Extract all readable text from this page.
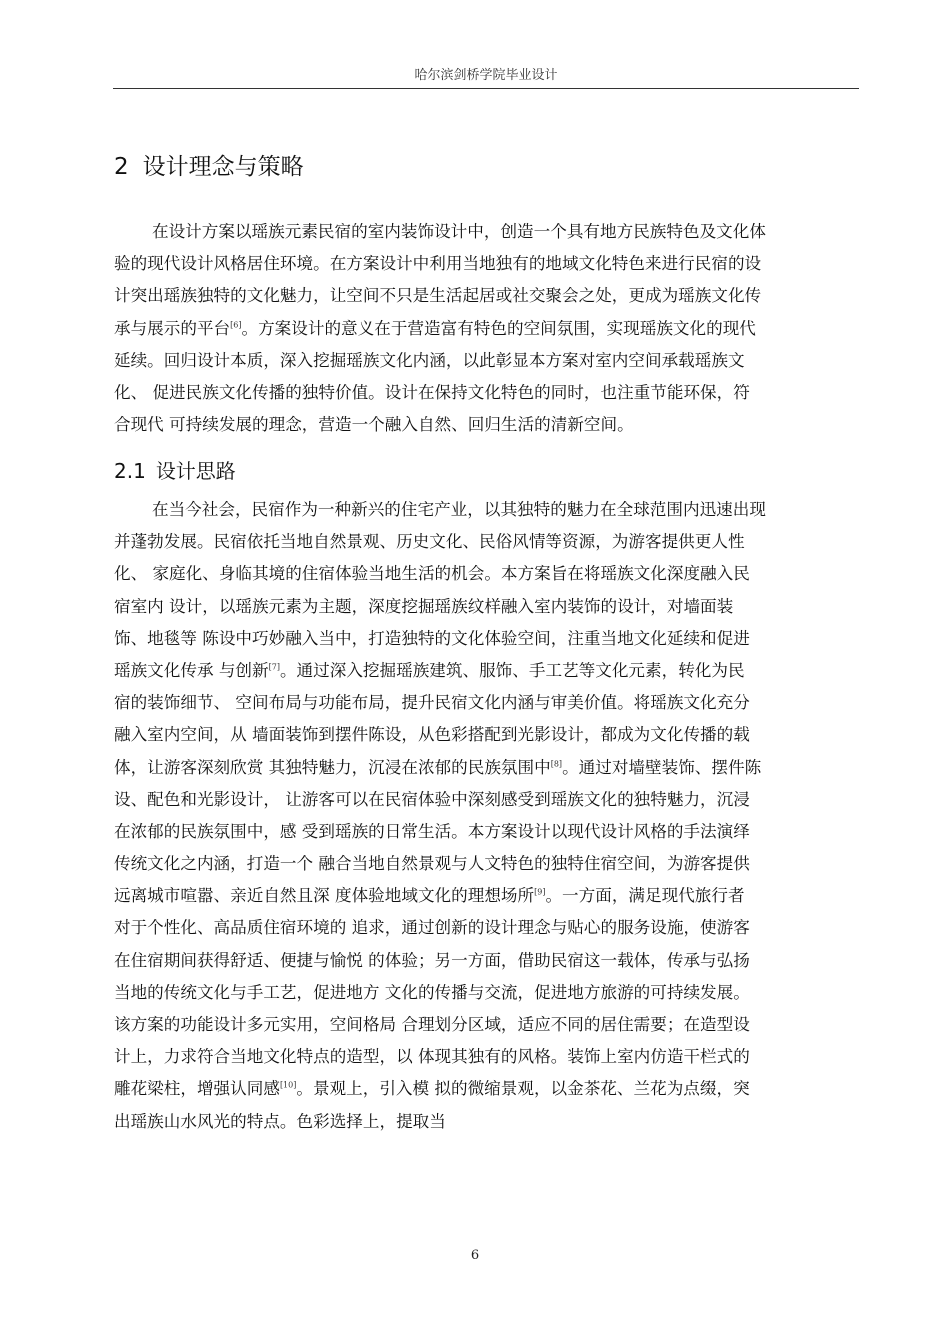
哈尔滨剑桥学院毕业设计
2 设计理念与策略
在设计方案以瑶族元素民宿的室内装饰设计中，创造一个具有地方民族特色及文化体
验的现代设计风格居住环境。在方案设计中利用当地独有的地域文化特色来进行民宿的设
计突出瑶族独特的文化魅力，让空间不只是生活起居或社交聚会之处，更成为瑶族文化传
承与展示的平台[6]。方案设计的意义在于营造富有特色的空间氛围，实现瑶族文化的现代
延续。回归设计本质，深入挖掘瑶族文化内涵，以此彰显本方案对室内空间承载瑶族文
化、 促进民族文化传播的独特价值。设计在保持文化特色的同时，也注重节能环保，符
合现代 可持续发展的理念，营造一个融入自然、回归生活的清新空间。
2.1 设计思路
在当今社会，民宿作为一种新兴的住宅产业，以其独特的魅力在全球范围内迅速出现
并蓬勃发展。民宿依托当地自然景观、历史文化、民俗风情等资源，为游客提供更人性
化、 家庭化、身临其境的住宿体验当地生活的机会。本方案旨在将瑶族文化深度融入民
宿室内 设计，以瑶族元素为主题，深度挖掘瑶族纹样融入室内装饰的设计，对墙面装
饰、地毯等 陈设中巧妙融入当中，打造独特的文化体验空间，注重当地文化延续和促进
瑶族文化传承 与创新[7]。通过深入挖掘瑶族建筑、服饰、手工艺等文化元素，转化为民
宿的装饰细节、 空间布局与功能布局，提升民宿文化内涵与审美价值。将瑶族文化充分
融入室内空间，从 墙面装饰到摆件陈设，从色彩搭配到光影设计，都成为文化传播的载
体，让游客深刻欣赏 其独特魅力，沉浸在浓郁的民族氛围中[8]。通过对墙壁装饰、摆件陈
设、配色和光影设计， 让游客可以在民宿体验中深刻感受到瑶族文化的独特魅力，沉浸
在浓郁的民族氛围中，感 受到瑶族的日常生活。本方案设计以现代设计风格的手法演绎
传统文化之内涵，打造一个 融合当地自然景观与人文特色的独特住宿空间，为游客提供
远离城市喧嚣、亲近自然且深 度体验地域文化的理想场所[9]。一方面，满足现代旅行者
对于个性化、高品质住宿环境的 追求，通过创新的设计理念与贴心的服务设施，使游客
在住宿期间获得舒适、便捷与愉悦 的体验；另一方面，借助民宿这一载体，传承与弘扬
当地的传统文化与手工艺，促进地方 文化的传播与交流，促进地方旅游的可持续发展。
该方案的功能设计多元实用，空间格局 合理划分区域，适应不同的居住需要；在造型设
计上，力求符合当地文化特点的造型，以 体现其独有的风格。装饰上室内仿造干栏式的
雕花梁柱，增强认同感[10]。景观上，引入模 拟的微缩景观，以金茶花、兰花为点缀，突
出瑶族山水风光的特点。色彩选择上，提取当
6
